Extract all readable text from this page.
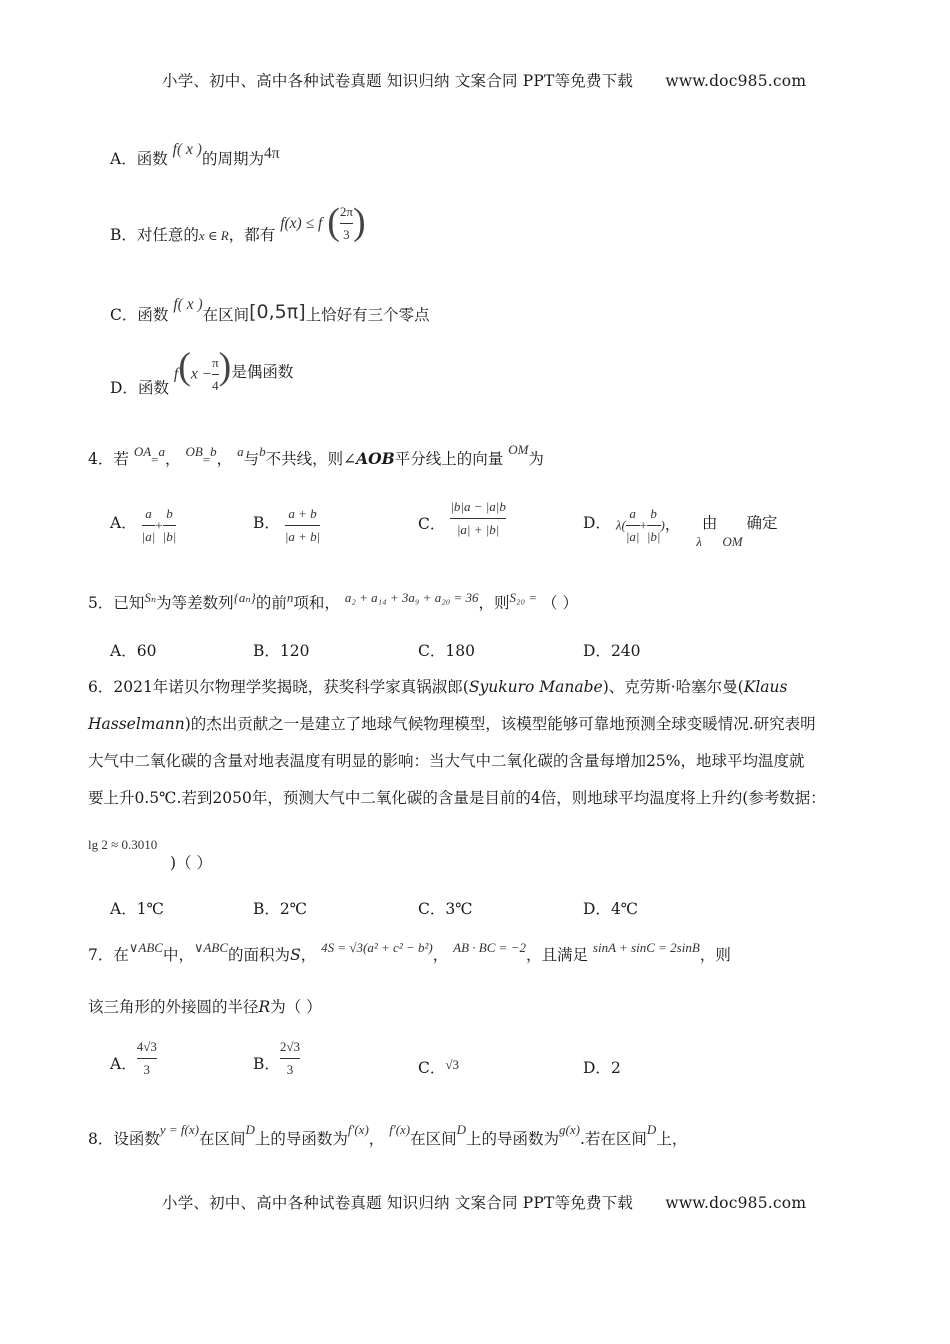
小学、初中、高中各种试卷真题 知识归纳 文案合同 PPT等免费下载 www.doc985.com
A．函数 f( x )的周期为4π
B．对任意的$_{x \in R}$，都有 f(x) ≤ f ( $\frac{2\pi}{3}$ )
C．函数 f( x )在区间[0,5π]上恰好有三个零点
D．函数 $f(x - \frac{\pi}{4}$ )是偶函数
4．若 $OA_=a$， $OB_=b$， a与b不共线，则∠AOB平分线上的向量 OM为
A． $\frac{a}{|a|} + \frac{b}{|b|}$	B． $\frac{a + b}{|a + b|}$	C． $\frac{|b|a - |a|b}{|a| + |b|}$	D． $\lambda( \frac{a}{|a|} + \frac{b}{|b|}$ )，  $_\lambda$由 $_{OM}$确定
5．已知Sₙ为等差数列{aₙ}的前n项和， a₂ + a₁₄ + 3a₉ + a₂₀ = 36，则S₂₀ = （ ）
A．60	B．120	C．180	D．240
6．2021年诺贝尔物理学奖揭晓，获奖科学家真锅淑郎(Syukuro Manabe)、克劳斯·哈塞尔曼(Klaus
Hasselmann)的杰出贡献之一是建立了地球气候物理模型，该模型能够可靠地预测全球变暖情况.研究表明
大气中二氧化碳的含量对地表温度有明显的影响：当大气中二氧化碳的含量每增加25%，地球平均温度就
要上升0.5℃.若到2050年，预测大气中二氧化碳的含量是目前的4倍，则地球平均温度将上升约(参考数据：
lg 2 ≈ 0.3010
)（ ）
A．1℃	B．2℃	C．3℃	D．4℃
7．在∨ABC中，∨ABC的面积为S， 4S = √3(a² + c² − b²)， AB · BC = −2，且满足 sinA + sinC = 2sinB，则
该三角形的外接圆的半径R为（ ）
A． $\frac{4√3}{3}$	B． $\frac{2√3}{3}$	C．$^{√3}$	D．2
8．设函数y = f(x)在区间D上的导函数为f′(x)， f′(x)在区间D上的导函数为g(x).若在区间D上，
小学、初中、高中各种试卷真题 知识归纳 文案合同 PPT等免费下载 www.doc985.com
